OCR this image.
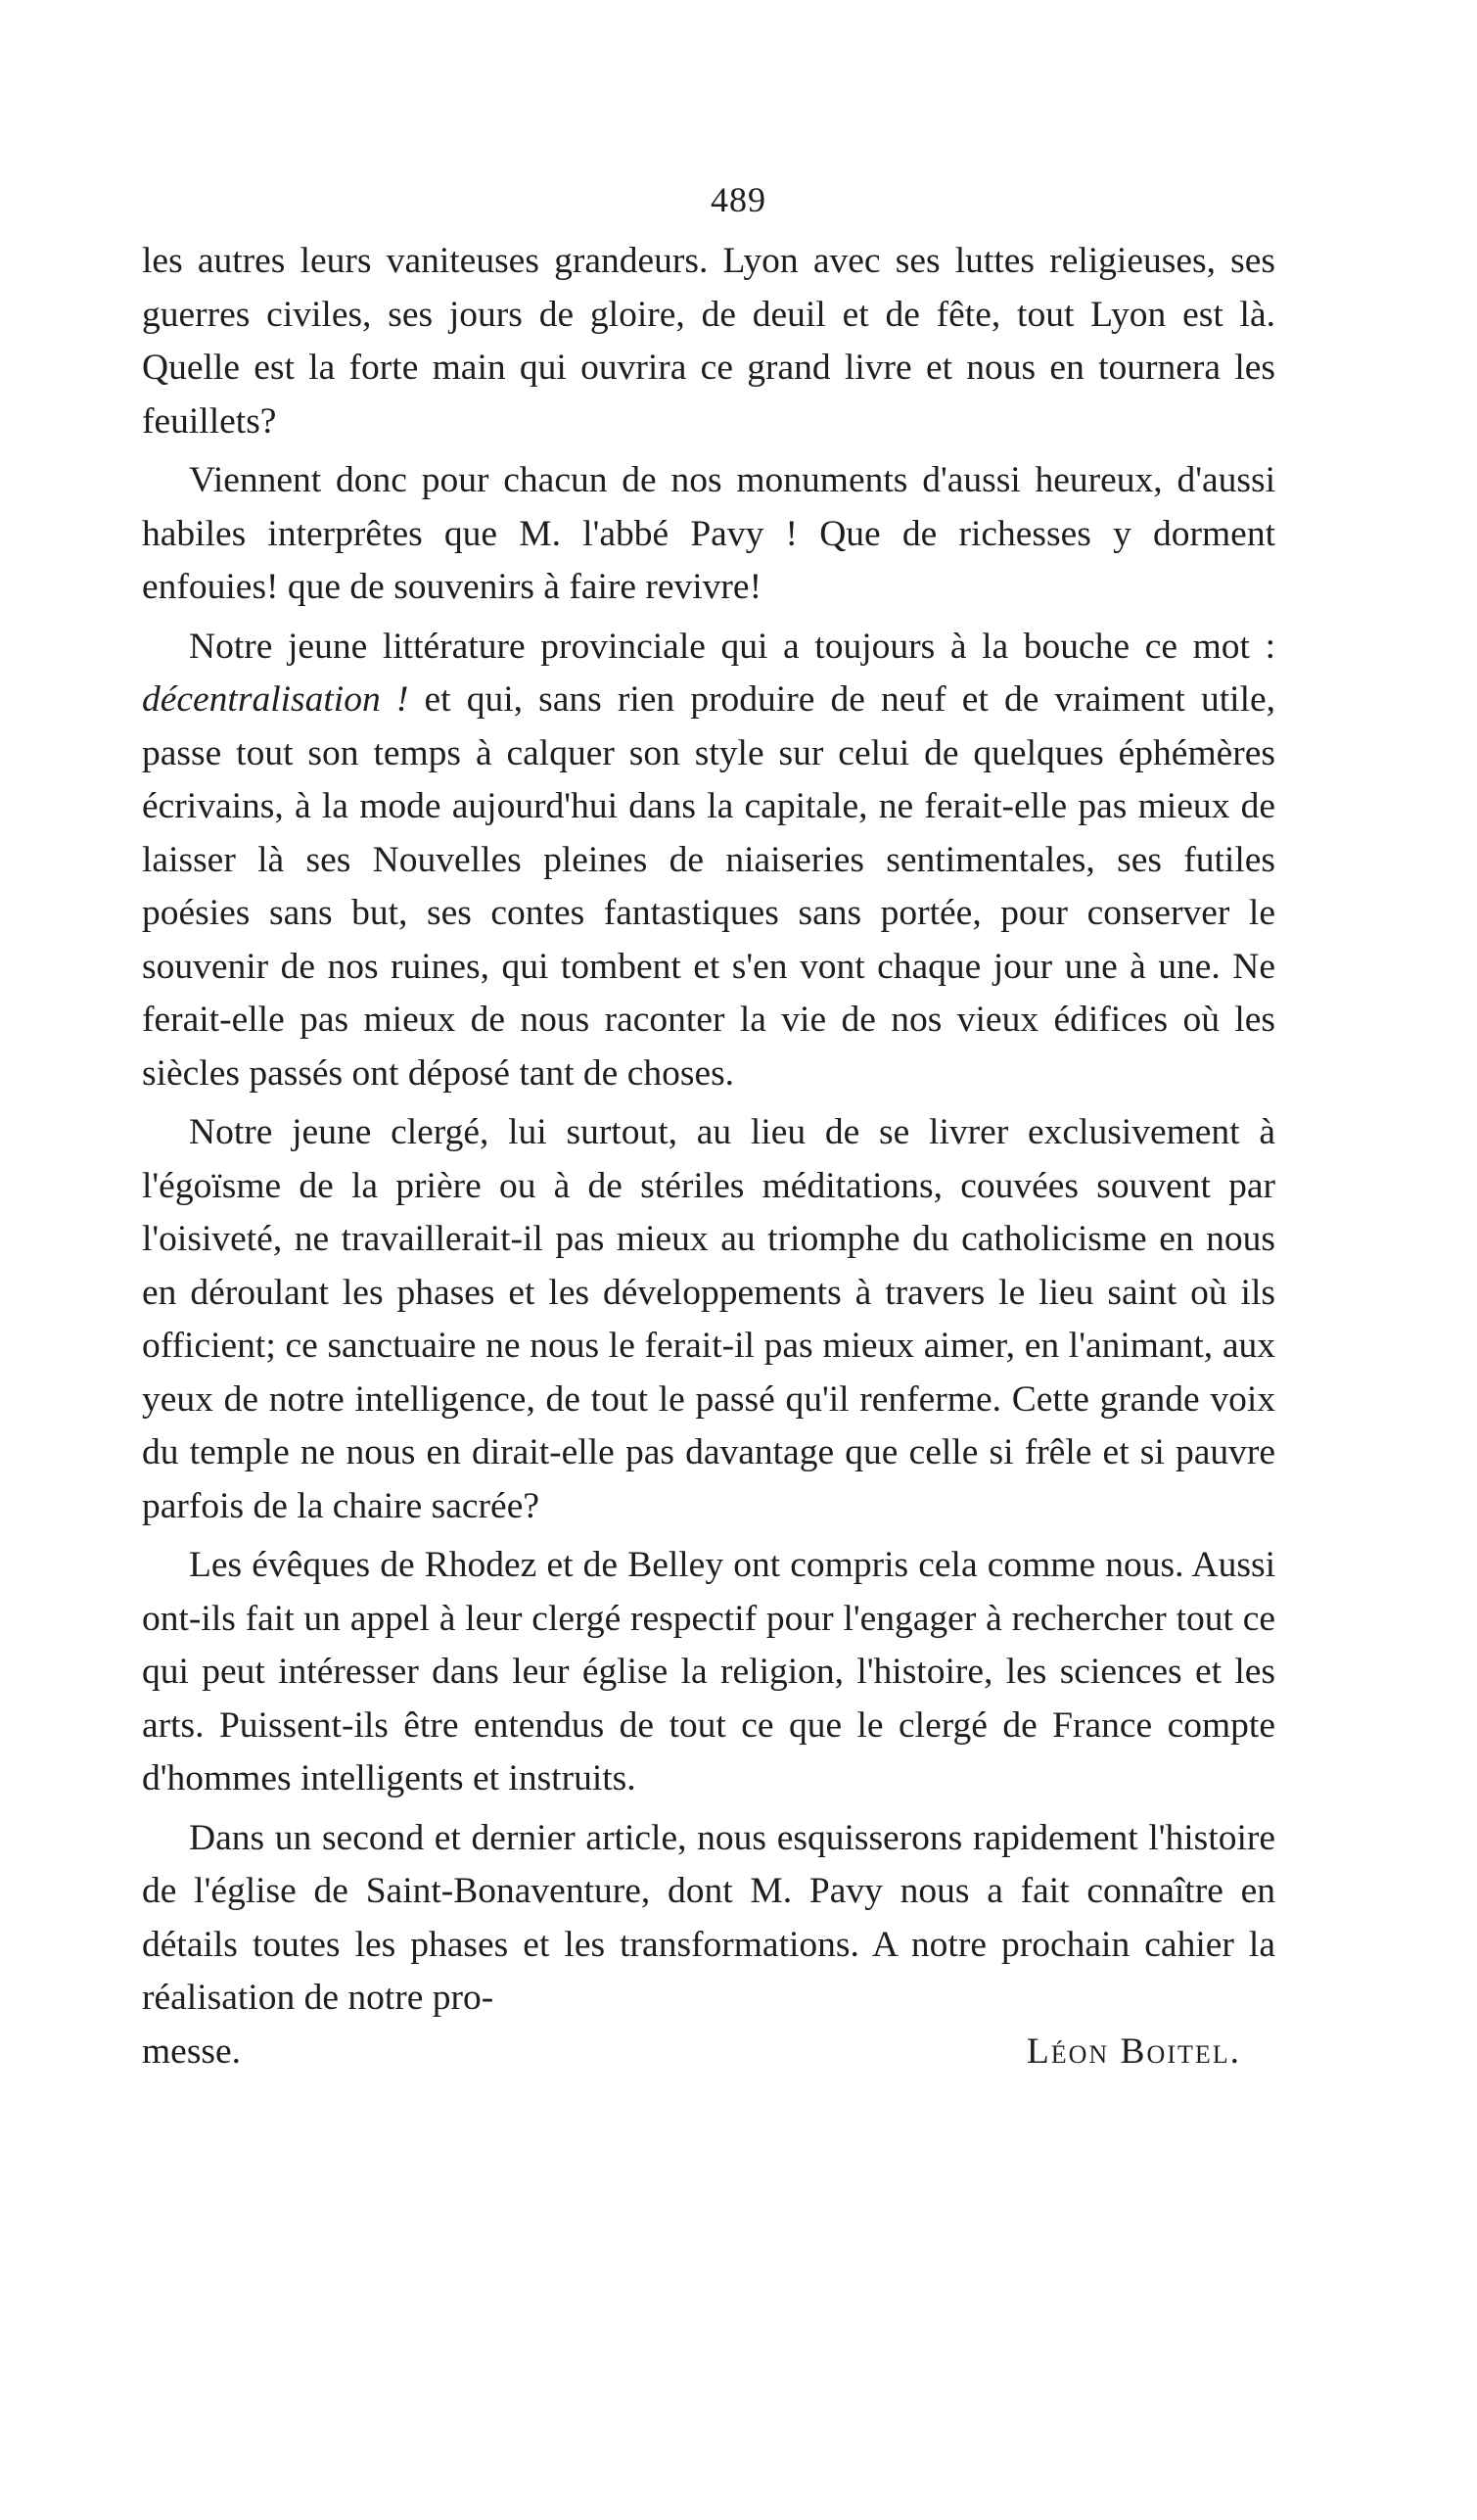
489

les autres leurs vaniteuses grandeurs. Lyon avec ses luttes religieuses, ses guerres civiles, ses jours de gloire, de deuil et de fête, tout Lyon est là. Quelle est la forte main qui ouvrira ce grand livre et nous en tournera les feuillets?

Viennent donc pour chacun de nos monuments d'aussi heureux, d'aussi habiles interprêtes que M. l'abbé Pavy ! Que de richesses y dorment enfouies! que de souvenirs à faire revivre!

Notre jeune littérature provinciale qui a toujours à la bouche ce mot : décentralisation ! et qui, sans rien produire de neuf et de vraiment utile, passe tout son temps à calquer son style sur celui de quelques éphémères écrivains, à la mode aujourd'hui dans la capitale, ne ferait-elle pas mieux de laisser là ses Nouvelles pleines de niaiseries sentimentales, ses futiles poésies sans but, ses contes fantastiques sans portée, pour conserver le souvenir de nos ruines, qui tombent et s'en vont chaque jour une à une. Ne ferait-elle pas mieux de nous raconter la vie de nos vieux édifices où les siècles passés ont déposé tant de choses.

Notre jeune clergé, lui surtout, au lieu de se livrer exclusivement à l'égoïsme de la prière ou à de stériles méditations, couvées souvent par l'oisiveté, ne travaillerait-il pas mieux au triomphe du catholicisme en nous en déroulant les phases et les développements à travers le lieu saint où ils officient; ce sanctuaire ne nous le ferait-il pas mieux aimer, en l'animant, aux yeux de notre intelligence, de tout le passé qu'il renferme. Cette grande voix du temple ne nous en dirait-elle pas davantage que celle si frêle et si pauvre parfois de la chaire sacrée?

Les évêques de Rhodez et de Belley ont compris cela comme nous. Aussi ont-ils fait un appel à leur clergé respectif pour l'engager à rechercher tout ce qui peut intéresser dans leur église la religion, l'histoire, les sciences et les arts. Puissent-ils être entendus de tout ce que le clergé de France compte d'hommes intelligents et instruits.

Dans un second et dernier article, nous esquisserons rapidement l'histoire de l'église de Saint-Bonaventure, dont M. Pavy nous a fait connaître en détails toutes les phases et les transformations. A notre prochain cahier la réalisation de notre pro-

messe.	Léon Boitel.
